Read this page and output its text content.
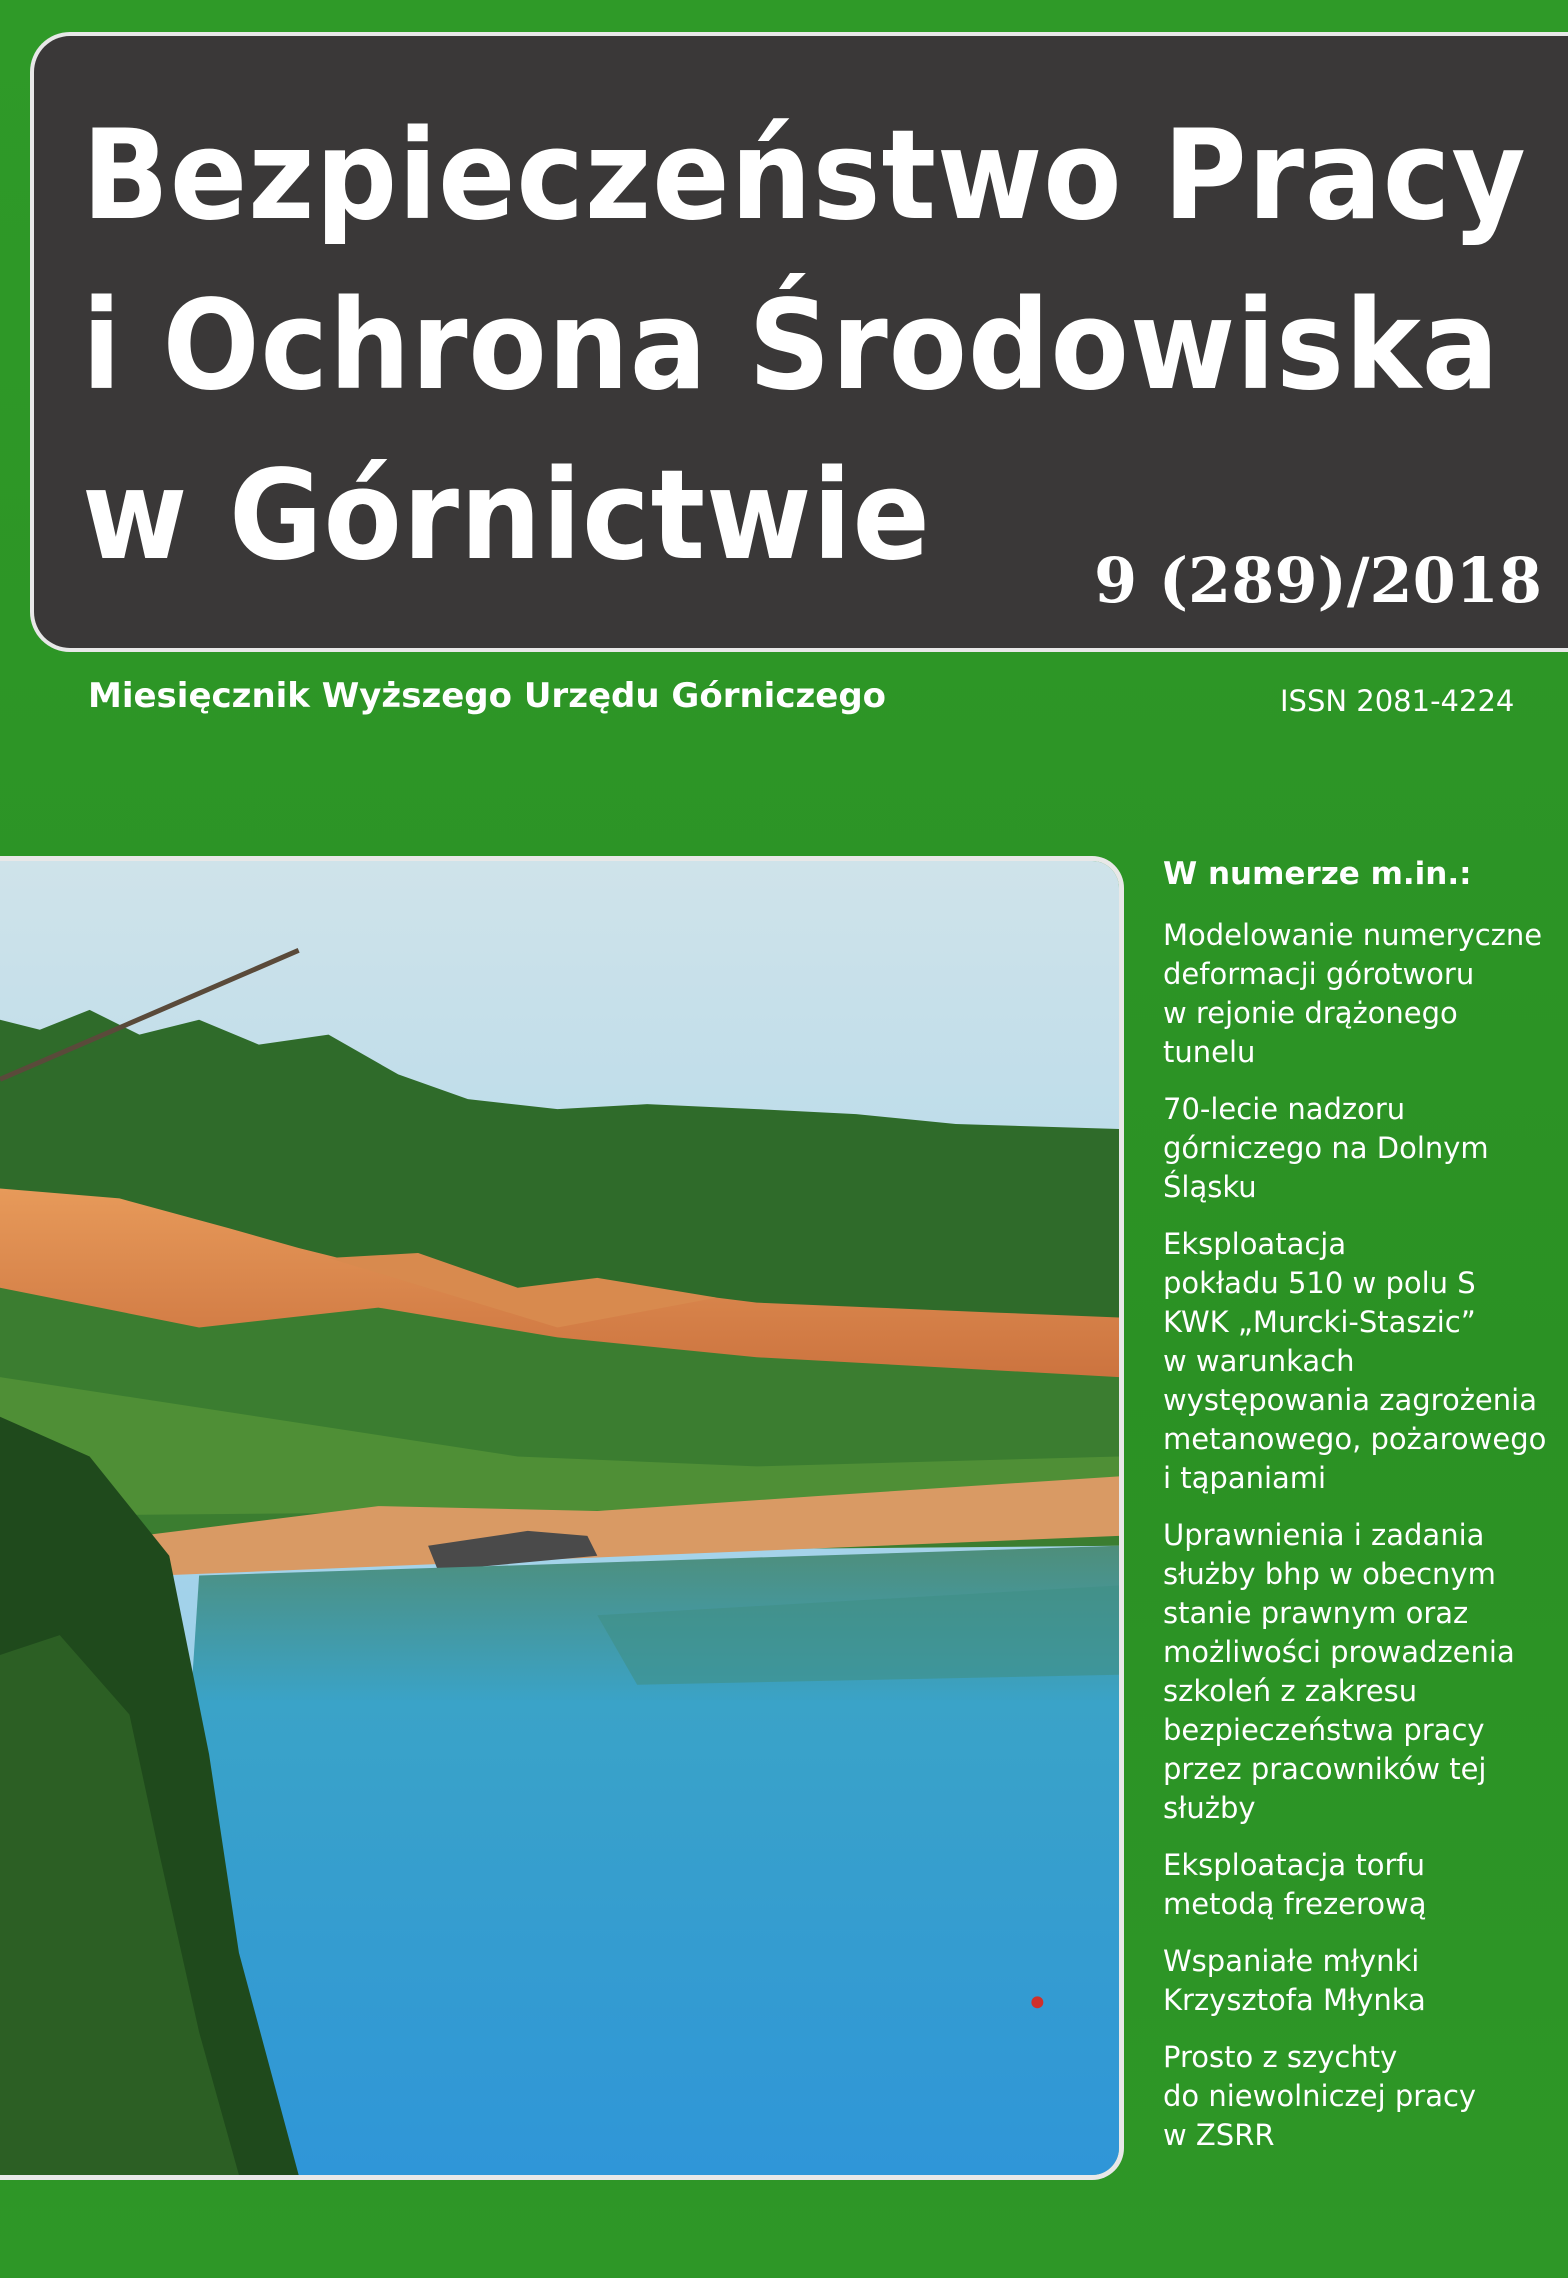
Bezpieczeństwo Pracy
i Ochrona Środowiska
w Górnictwie	9 (289)/2018
Miesięcznik Wyższego Urzędu Górniczego	ISSN 2081-4224
W numerze m.in.:
Modelowanie numeryczne
deformacji górotworu
w rejonie drążonego
tunelu
70-lecie nadzoru
górniczego na Dolnym
Śląsku
Eksploatacja
pokładu 510 w polu S
KWK „Murcki-Staszic”
w warunkach
występowania zagrożenia
metanowego, pożarowego
i tąpaniami
Uprawnienia i zadania
służby bhp w obecnym
stanie prawnym oraz
możliwości prowadzenia
szkoleń z zakresu
bezpieczeństwa pracy
przez pracowników tej
służby
Eksploatacja torfu
metodą frezerową
Wspaniałe młynki
Krzysztofa Młynka
Prosto z szychty
do niewolniczej pracy
w ZSRR
